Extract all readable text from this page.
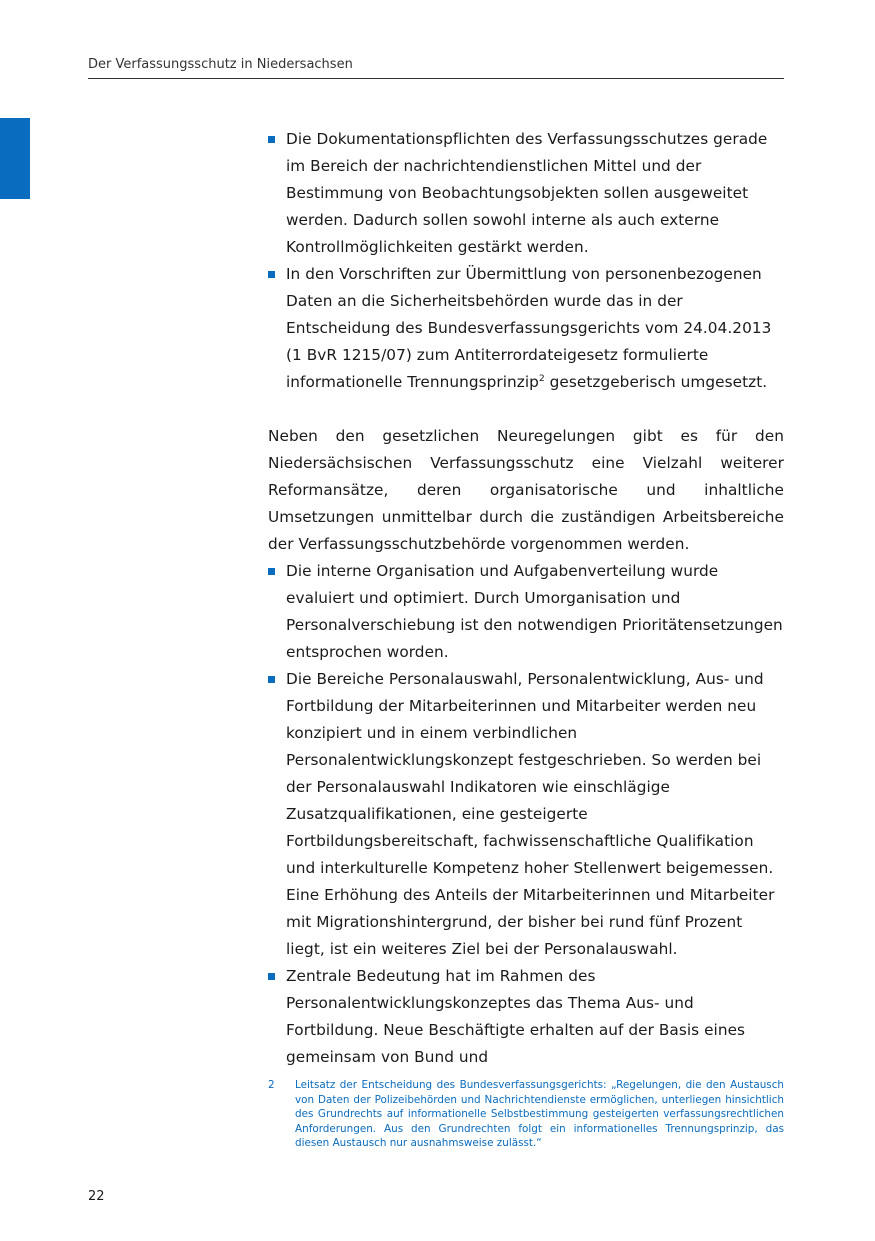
Der Verfassungsschutz in Niedersachsen
Die Dokumentationspflichten des Verfassungsschutzes gerade im Bereich der nachrichtendienstlichen Mittel und der Bestimmung von Beobachtungsobjekten sollen ausgeweitet werden. Dadurch sollen sowohl interne als auch externe Kontrollmöglichkeiten gestärkt werden.
In den Vorschriften zur Übermittlung von personenbezogenen Daten an die Sicherheitsbehörden wurde das in der Entscheidung des Bundesverfassungsgerichts vom 24.04.2013 (1 BvR 1215/07) zum Antiterrordateigesetz formulierte informationelle Trennungsprinzip$^2$ gesetzgeberisch umgesetzt.

Neben den gesetzlichen Neuregelungen gibt es für den Niedersächsischen Verfassungsschutz eine Vielzahl weiterer Reformansätze, deren organisatorische und inhaltliche Umsetzungen unmittelbar durch die zuständigen Arbeitsbereiche der Verfassungsschutzbehörde vorgenommen werden.

Die interne Organisation und Aufgabenverteilung wurde evaluiert und optimiert. Durch Umorganisation und Personalverschiebung ist den notwendigen Prioritätensetzungen entsprochen worden.
Die Bereiche Personalauswahl, Personalentwicklung, Aus- und Fortbildung der Mitarbeiterinnen und Mitarbeiter werden neu konzipiert und in einem verbindlichen Personalentwicklungskonzept festgeschrieben. So werden bei der Personalauswahl Indikatoren wie einschlägige Zusatzqualifikationen, eine gesteigerte Fortbildungsbereitschaft, fachwissenschaftliche Qualifikation und interkulturelle Kompetenz hoher Stellenwert beigemessen. Eine Erhöhung des Anteils der Mitarbeiterinnen und Mitarbeiter mit Migrationshintergrund, der bisher bei rund fünf Prozent liegt, ist ein weiteres Ziel bei der Personalauswahl.
Zentrale Bedeutung hat im Rahmen des Personalentwicklungskonzeptes das Thema Aus- und Fortbildung. Neue Beschäftigte erhalten auf der Basis eines gemeinsam von Bund und
2 Leitsatz der Entscheidung des Bundesverfassungsgerichts: „Regelungen, die den Austausch von Daten der Polizeibehörden und Nachrichtendienste ermöglichen, unterliegen hinsichtlich des Grundrechts auf informationelle Selbstbestimmung gesteigerten verfassungsrechtlichen Anforderungen. Aus den Grundrechten folgt ein informationelles Trennungsprinzip, das diesen Austausch nur ausnahmsweise zulässt.“
22
